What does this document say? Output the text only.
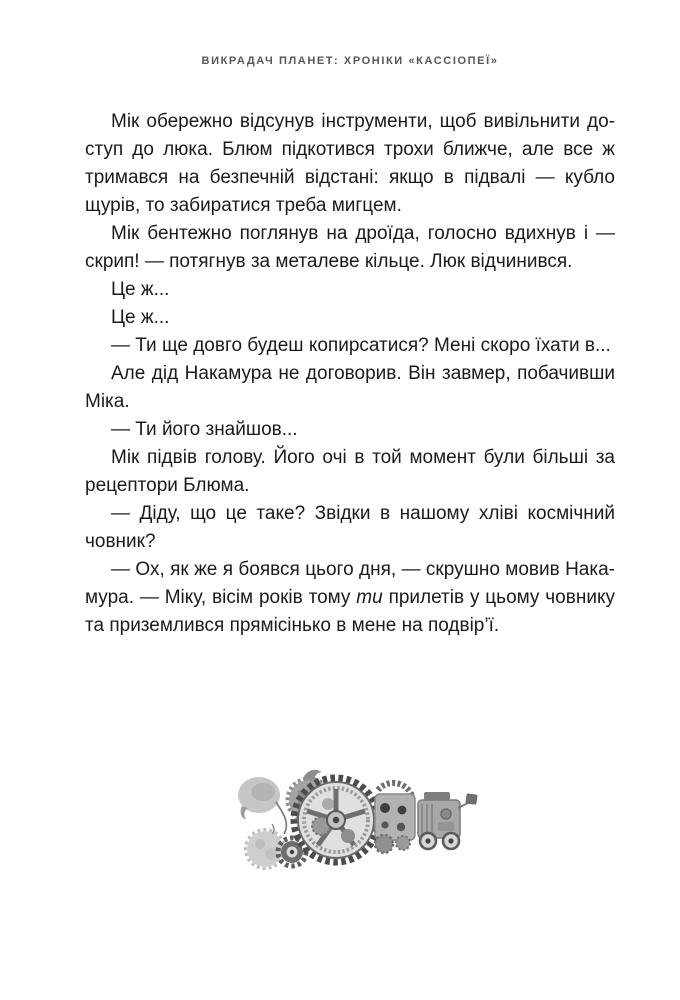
ВИКРАДАЧ ПЛАНЕТ: ХРОНІКИ «КАССІОПЕЇ»

Мік обережно відсунув інструменти, щоб вивільнити доступ до люка. Блюм підкотився трохи ближче, але все ж тримався на безпечній відстані: якщо в підвалі — кубло щурів, то забиратися треба мигцем.

Мік бентежно поглянув на дроїда, голосно вдихнув і — скрип! — потягнув за металеве кільце. Люк відчинився.

Це ж...

Це ж...

— Ти ще довго будеш копирсатися? Мені скоро їхати в...

Але дід Накамура не договорив. Він завмер, побачивши Міка.

— Ти його знайшов...

Мік підвів голову. Його очі в той момент були більші за рецептори Блюма.

— Діду, що це таке? Звідки в нашому хліві космічний човник?

— Ох, як же я боявся цього дня, — скрушно мовив Накамура. — Міку, вісім років тому ти прилетів у цьому човнику та приземлився прямісінько в мене на подвір’ї.
